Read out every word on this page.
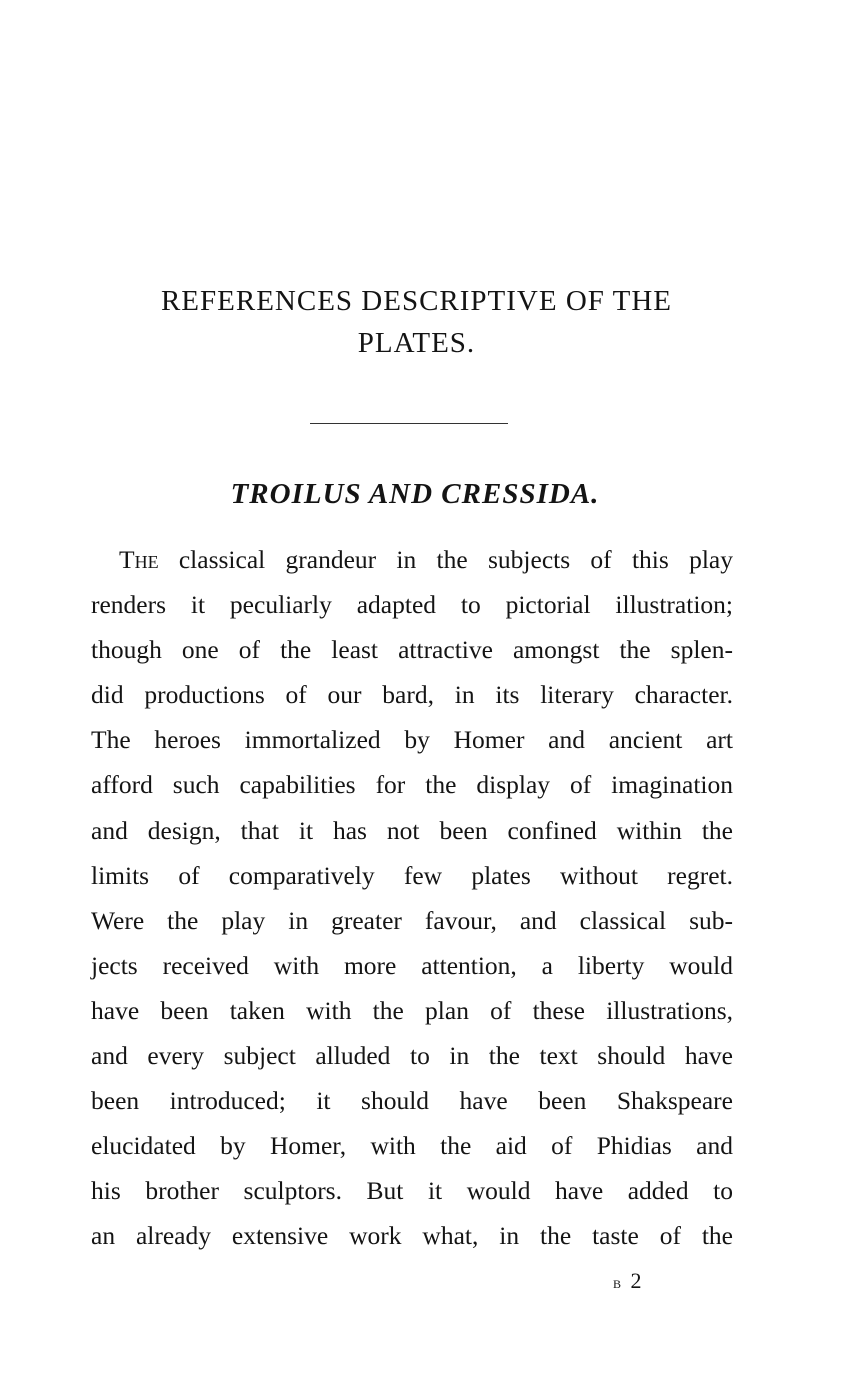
REFERENCES DESCRIPTIVE OF THE
PLATES.
TROILUS AND CRESSIDA.
The classical grandeur in the subjects of this play
renders it peculiarly adapted to pictorial illustration;
though one of the least attractive amongst the splen-
did productions of our bard, in its literary character.
The heroes immortalized by Homer and ancient art
afford such capabilities for the display of imagination
and design, that it has not been confined within the
limits of comparatively few plates without regret.
Were the play in greater favour, and classical sub-
jects received with more attention, a liberty would
have been taken with the plan of these illustrations,
and every subject alluded to in the text should have
been introduced; it should have been Shakspeare
elucidated by Homer, with the aid of Phidias and
his brother sculptors. But it would have added to
an already extensive work what, in the taste of the
b 2
